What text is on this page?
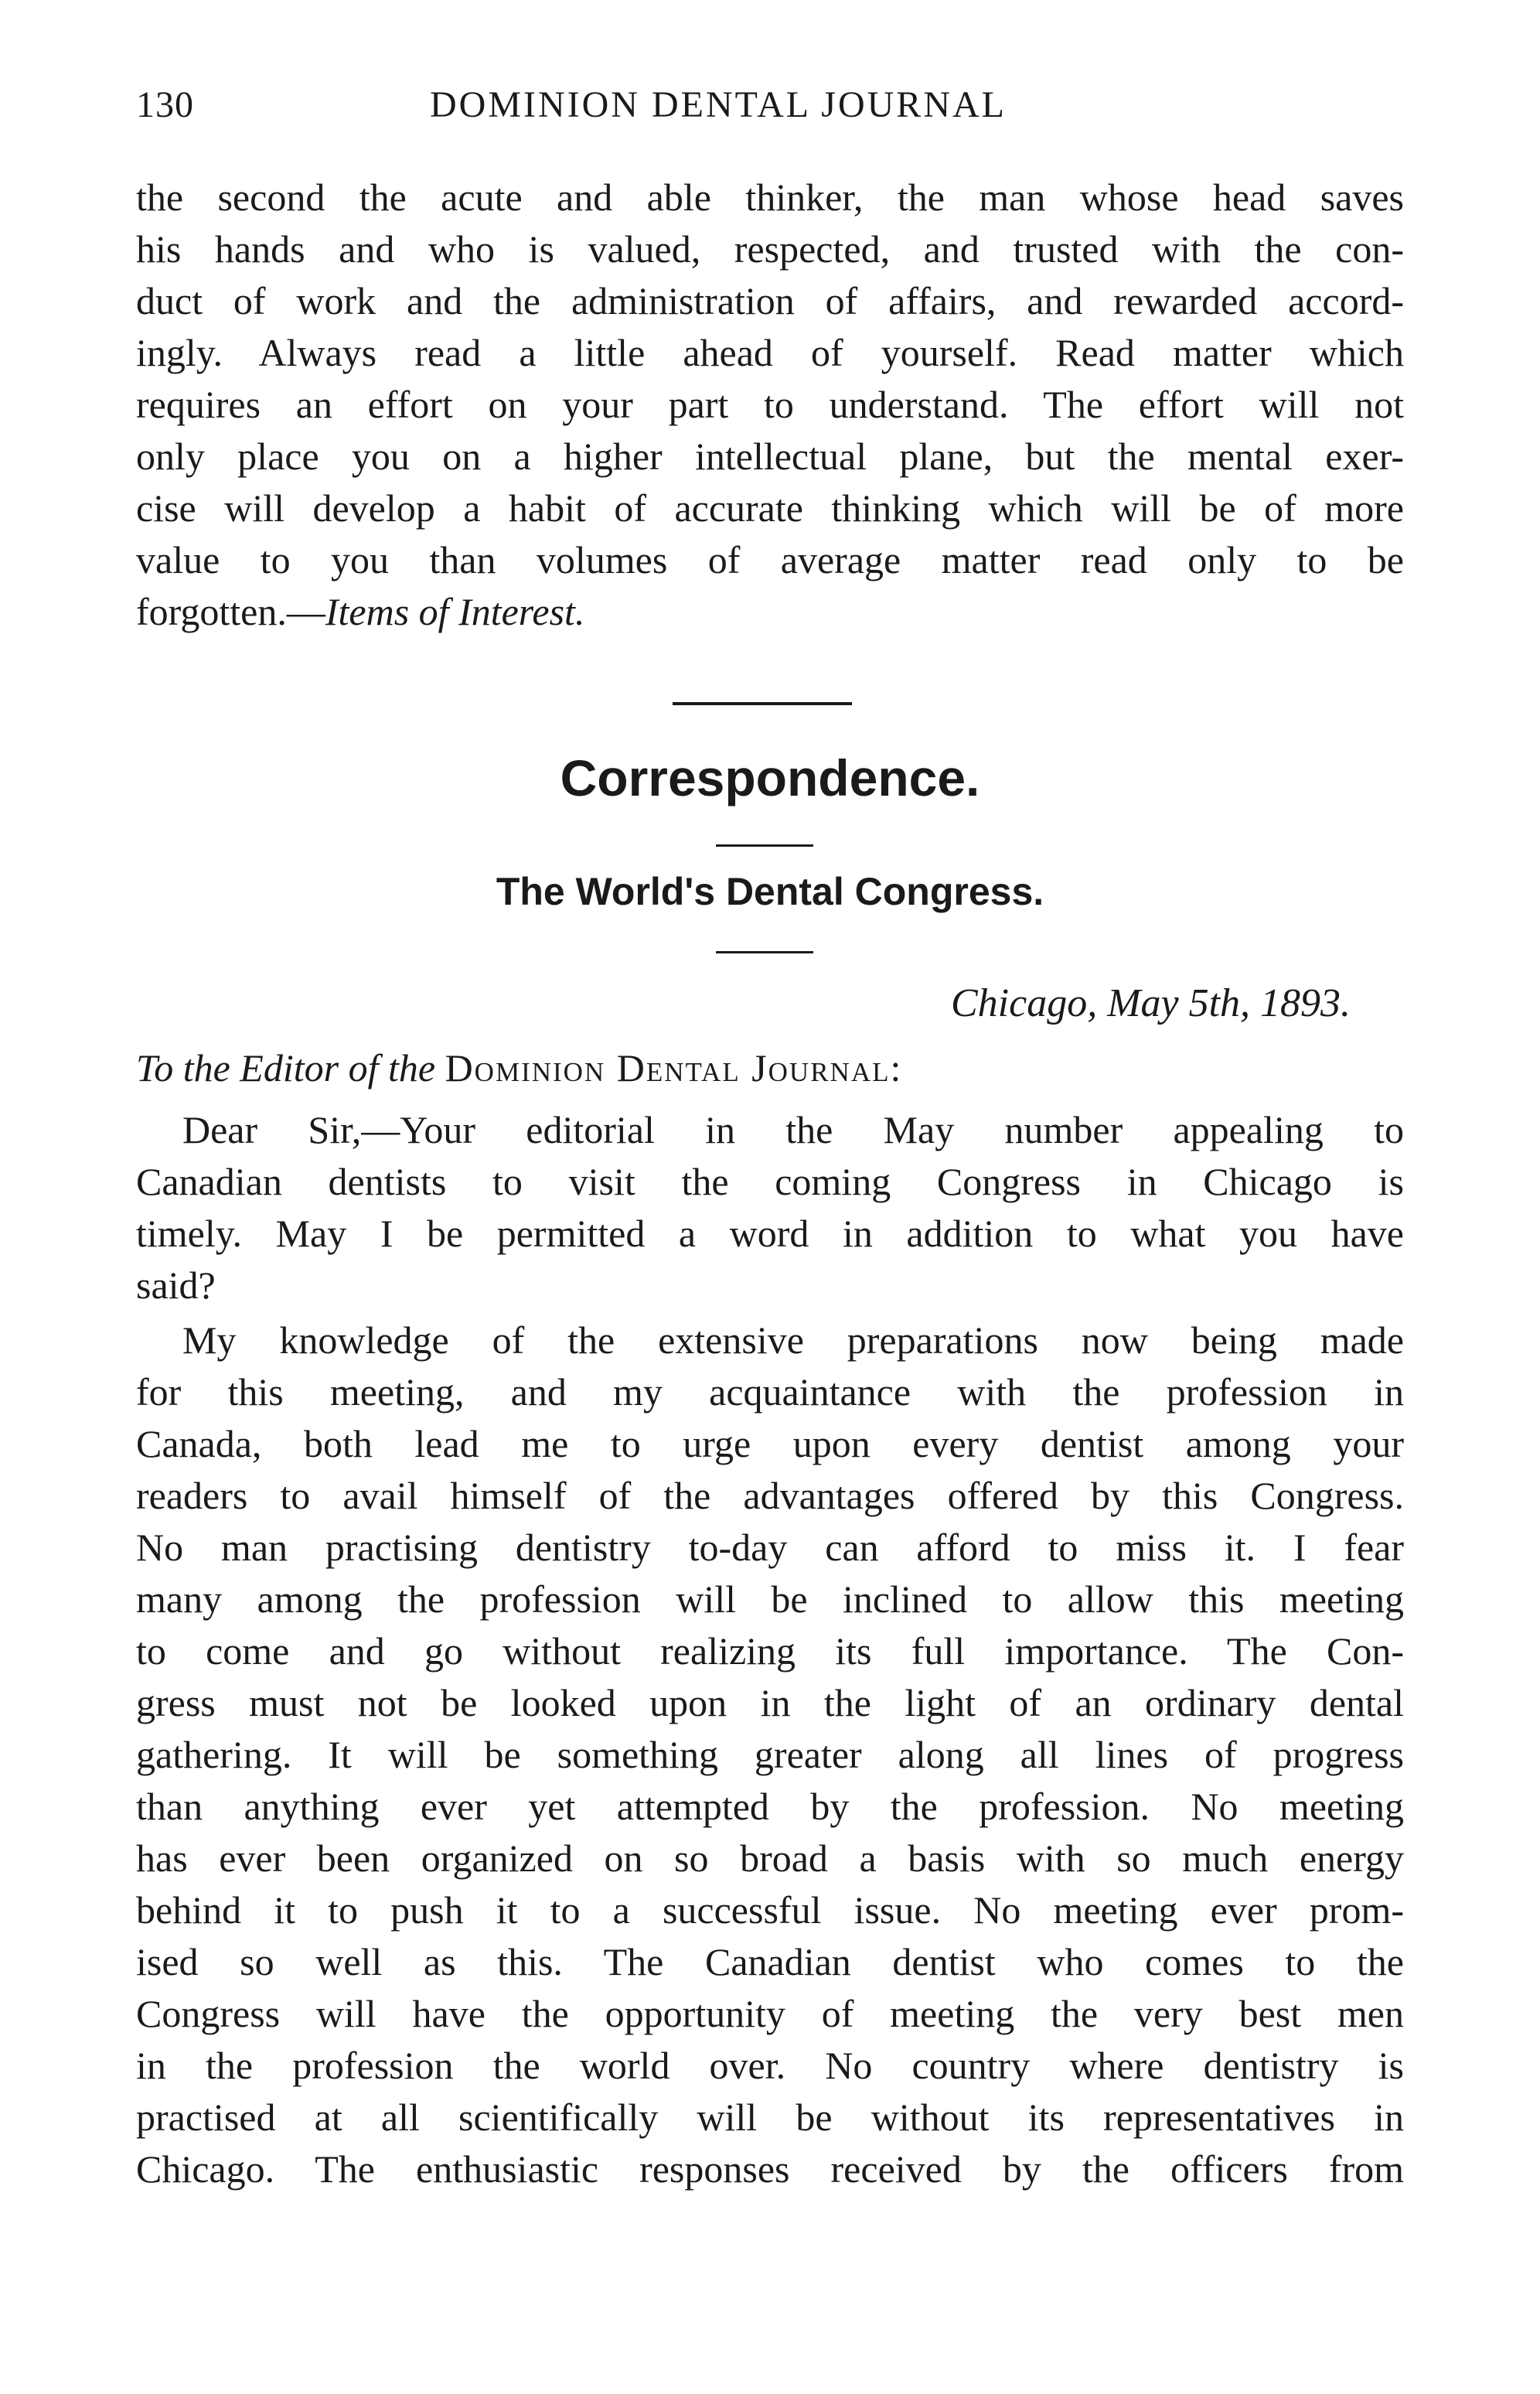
130	DOMINION DENTAL JOURNAL
the second the acute and able thinker, the man whose head saves
his hands and who is valued, respected, and trusted with the con-
duct of work and the administration of affairs, and rewarded accord-
ingly. Always read a little ahead of yourself. Read matter which
requires an effort on your part to understand. The effort will not
only place you on a higher intellectual plane, but the mental exer-
cise will develop a habit of accurate thinking which will be of more
value to you than volumes of average matter read only to be
forgotten.—Items of Interest.
Correspondence.
The World's Dental Congress.
Chicago, May 5th, 1893.
To the Editor of the Dominion Dental Journal:
Dear Sir,—Your editorial in the May number appealing to
Canadian dentists to visit the coming Congress in Chicago is
timely. May I be permitted a word in addition to what you have
said?
My knowledge of the extensive preparations now being made
for this meeting, and my acquaintance with the profession in
Canada, both lead me to urge upon every dentist among your
readers to avail himself of the advantages offered by this Congress.
No man practising dentistry to-day can afford to miss it. I fear
many among the profession will be inclined to allow this meeting
to come and go without realizing its full importance. The Con-
gress must not be looked upon in the light of an ordinary dental
gathering. It will be something greater along all lines of progress
than anything ever yet attempted by the profession. No meeting
has ever been organized on so broad a basis with so much energy
behind it to push it to a successful issue. No meeting ever prom-
ised so well as this. The Canadian dentist who comes to the
Congress will have the opportunity of meeting the very best men
in the profession the world over. No country where dentistry is
practised at all scientifically will be without its representatives in
Chicago. The enthusiastic responses received by the officers from
